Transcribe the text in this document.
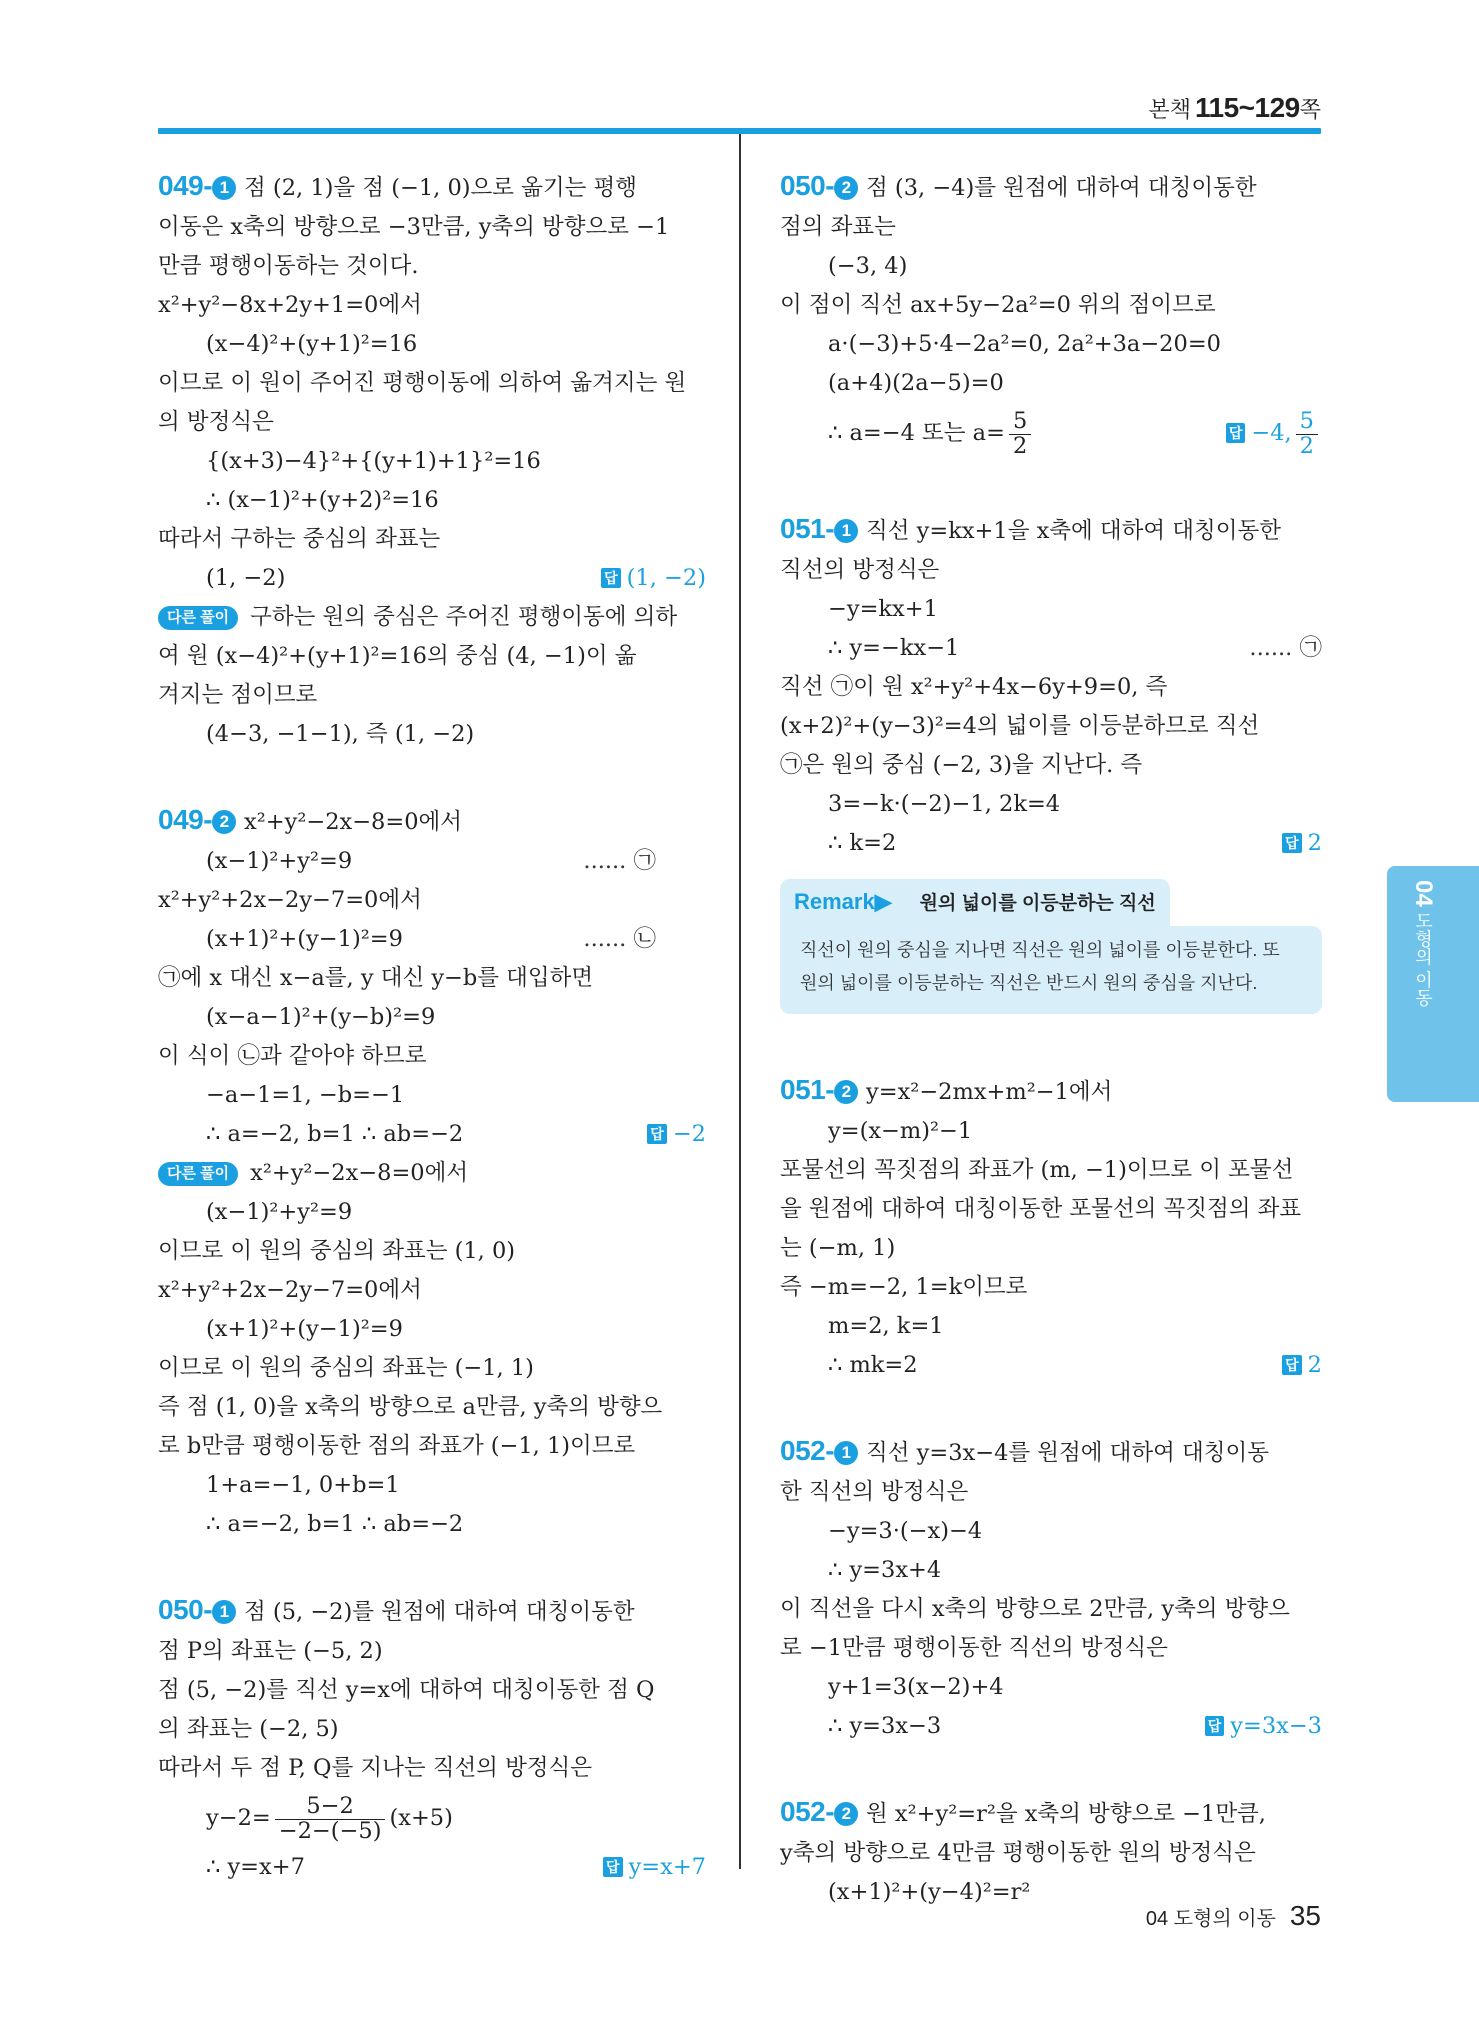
본책 115~129쪽
049- 1 점 (2, 1)을 점 (−1, 0)으로 옮기는 평행
이동은 x축의 방향으로 −3만큼, y축의 방향으로 −1
만큼 평행이동하는 것이다.
x²+y²−8x+2y+1=0에서
(x−4)²+(y+1)²=16
이므로 이 원이 주어진 평행이동에 의하여 옮겨지는 원
의 방정식은
{(x+3)−4}²+{(y+1)+1}²=16
∴ (x−1)²+(y+2)²=16
따라서 구하는 중심의 좌표는
(1, −2)	답 (1, −2)
다른 풀이 구하는 원의 중심은 주어진 평행이동에 의하
여 원 (x−4)²+(y+1)²=16의 중심 (4, −1)이 옮
겨지는 점이므로
(4−3, −1−1), 즉 (1, −2)
049- 2 x²+y²−2x−8=0에서
(x−1)²+y²=9	...... ㉠
x²+y²+2x−2y−7=0에서
(x+1)²+(y−1)²=9	...... ㉡
㉠에 x 대신 x−a를, y 대신 y−b를 대입하면
(x−a−1)²+(y−b)²=9
이 식이 ㉡과 같아야 하므로
−a−1=1, −b=−1
∴ a=−2, b=1 ∴ ab=−2	답 −2
다른 풀이 x²+y²−2x−8=0에서
(x−1)²+y²=9
이므로 이 원의 중심의 좌표는 (1, 0)
x²+y²+2x−2y−7=0에서
(x+1)²+(y−1)²=9
이므로 이 원의 중심의 좌표는 (−1, 1)
즉 점 (1, 0)을 x축의 방향으로 a만큼, y축의 방향으
로 b만큼 평행이동한 점의 좌표가 (−1, 1)이므로
1+a=−1, 0+b=1
∴ a=−2, b=1 ∴ ab=−2
050- 1 점 (5, −2)를 원점에 대하여 대칭이동한
점 P의 좌표는 (−5, 2)
점 (5, −2)를 직선 y=x에 대하여 대칭이동한 점 Q
의 좌표는 (−2, 5)
따라서 두 점 P, Q를 지나는 직선의 방정식은
$y-2= \frac{5-2}{-2-(-5)} (x+5)$
∴ y=x+7	답 y=x+7
050- 2 점 (3, −4)를 원점에 대하여 대칭이동한
점의 좌표는
(−3, 4)
이 점이 직선 ax+5y−2a²=0 위의 점이므로
a·(−3)+5·4−2a²=0, 2a²+3a−20=0
(a+4)(2a−5)=0
∴ a=−4 또는 $a= \frac{5}{2}$	답 −4, $\frac{5}{2}$
051- 1 직선 y=kx+1을 x축에 대하여 대칭이동한
직선의 방정식은
−y=kx+1
∴ y=−kx−1	...... ㉠
직선 ㉠이 원 x²+y²+4x−6y+9=0, 즉
(x+2)²+(y−3)²=4의 넓이를 이등분하므로 직선
㉠은 원의 중심 (−2, 3)을 지난다. 즉
3=−k·(−2)−1, 2k=4
∴ k=2	답 2
Remark▶ 원의 넓이를 이등분하는 직선
직선이 원의 중심을 지나면 직선은 원의 넓이를 이등분한다. 또 원의 넓이를 이등분하는 직선은 반드시 원의 중심을 지난다.
051- 2 y=x²−2mx+m²−1에서
y=(x−m)²−1
포물선의 꼭짓점의 좌표가 (m, −1)이므로 이 포물선
을 원점에 대하여 대칭이동한 포물선의 꼭짓점의 좌표
는 (−m, 1)
즉 −m=−2, 1=k이므로
m=2, k=1
∴ mk=2	답 2
052- 1 직선 y=3x−4를 원점에 대하여 대칭이동
한 직선의 방정식은
−y=3·(−x)−4
∴ y=3x+4
이 직선을 다시 x축의 방향으로 2만큼, y축의 방향으
로 −1만큼 평행이동한 직선의 방정식은
y+1=3(x−2)+4
∴ y=3x−3	답 y=3x−3
052- 2 원 x²+y²=r²을 x축의 방향으로 −1만큼,
y축의 방향으로 4만큼 평행이동한 원의 방정식은
(x+1)²+(y−4)²=r²
04 도형의 이동
04 도형의 이동 35
